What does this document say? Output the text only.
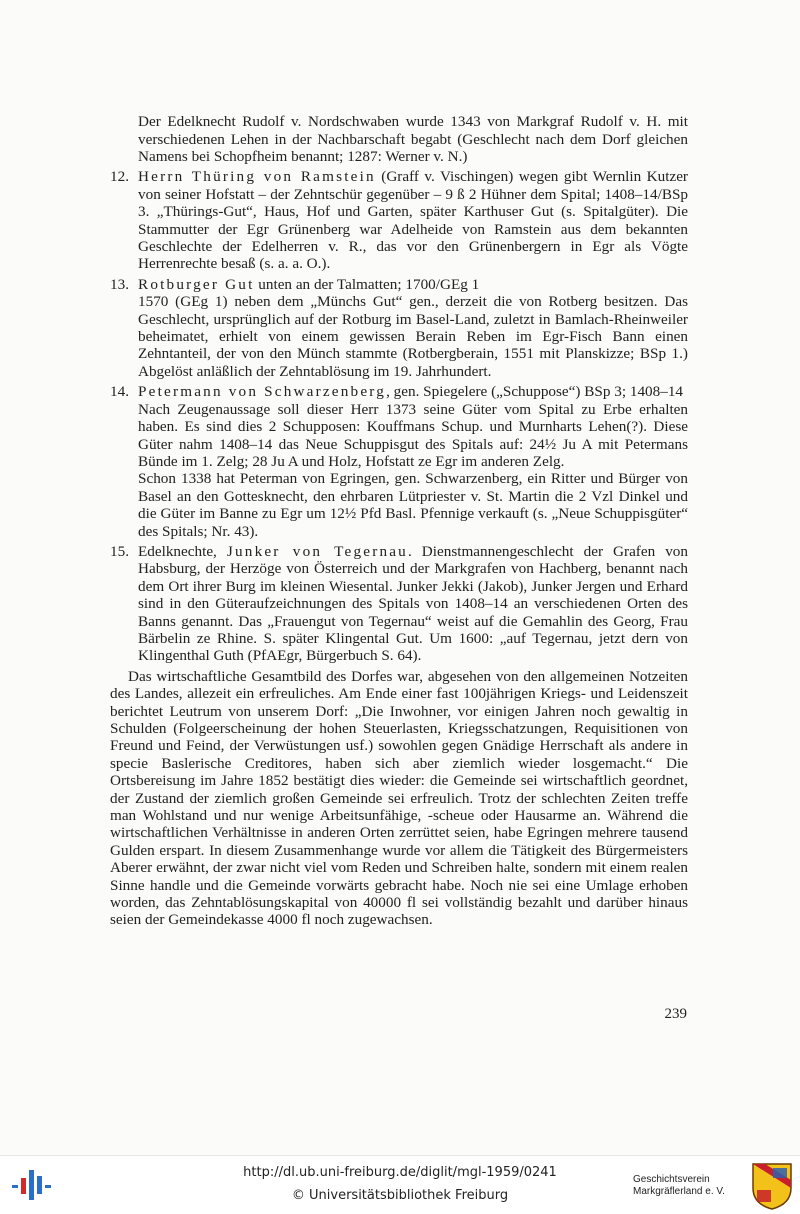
Der Edelknecht Rudolf v. Nordschwaben wurde 1343 von Markgraf Rudolf v. H. mit verschiedenen Lehen in der Nachbarschaft begabt (Geschlecht nach dem Dorf gleichen Namens bei Schopfheim benannt; 1287: Werner v. N.)

12. Herrn Thüring von Ramstein (Graff v. Vischingen) wegen gibt Wernlin Kutzer von seiner Hofstatt – der Zehntschür gegenüber – 9 ß 2 Hühner dem Spital; 1408–14/BSp 3. „Thürings-Gut“, Haus, Hof und Garten, später Karthuser Gut (s. Spitalgüter). Die Stammutter der Egr Grünenberg war Adelheide von Ramstein aus dem bekannten Geschlechte der Edelherren v. R., das vor den Grünenbergern in Egr als Vögte Herrenrechte besaß (s. a. a. O.).

13. Rotburger Gut unten an der Talmatten; 1700/GEg 1

1570 (GEg 1) neben dem „Münchs Gut“ gen., derzeit die von Rotberg besitzen. Das Geschlecht, ursprünglich auf der Rotburg im Basel-Land, zuletzt in Bamlach-Rheinweiler beheimatet, erhielt von einem gewissen Berain Reben im Egr-Fisch Bann einen Zehntanteil, der von den Münch stammte (Rotbergberain, 1551 mit Planskizze; BSp 1.) Abgelöst anläßlich der Zehntablösung im 19. Jahrhundert.

14. Petermann von Schwarzenberg, gen. Spiegelere („Schuppose“) BSp 3; 1408–14

Nach Zeugenaussage soll dieser Herr 1373 seine Güter vom Spital zu Erbe erhalten haben. Es sind dies 2 Schupposen: Kouffmans Schup. und Murnharts Lehen(?). Diese Güter nahm 1408–14 das Neue Schuppisgut des Spitals auf: 24½ Ju A mit Petermans Bünde im 1. Zelg; 28 Ju A und Holz, Hofstatt ze Egr im anderen Zelg.

Schon 1338 hat Peterman von Egringen, gen. Schwarzenberg, ein Ritter und Bürger von Basel an den Gottesknecht, den ehrbaren Lütpriester v. St. Martin die 2 Vzl Dinkel und die Güter im Banne zu Egr um 12½ Pfd Basl. Pfennige verkauft (s. „Neue Schuppisgüter“ des Spitals; Nr. 43).

15. Edelknechte, Junker von Tegernau. Dienstmannengeschlecht der Grafen von Habsburg, der Herzöge von Österreich und der Markgrafen von Hachberg, benannt nach dem Ort ihrer Burg im kleinen Wiesental. Junker Jekki (Jakob), Junker Jergen und Erhard sind in den Güteraufzeichnungen des Spitals von 1408–14 an verschiedenen Orten des Banns genannt. Das „Frauengut von Tegernau“ weist auf die Gemahlin des Georg, Frau Bärbelin ze Rhine. S. später Klingental Gut. Um 1600: „auf Tegernau, jetzt dern von Klingenthal Guth (PfAEgr, Bürgerbuch S. 64).

Das wirtschaftliche Gesamtbild des Dorfes war, abgesehen von den allgemeinen Notzeiten des Landes, allezeit ein erfreuliches. Am Ende einer fast 100jährigen Kriegs- und Leidenszeit berichtet Leutrum von unserem Dorf: „Die Inwohner, vor einigen Jahren noch gewaltig in Schulden (Folgeerscheinung der hohen Steuerlasten, Kriegsschatzungen, Requisitionen von Freund und Feind, der Verwüstungen usf.) sowohlen gegen Gnädige Herrschaft als andere in specie Baslerische Creditores, haben sich aber ziemlich wieder losgemacht.“ Die Ortsbereisung im Jahre 1852 bestätigt dies wieder: die Gemeinde sei wirtschaftlich geordnet, der Zustand der ziemlich großen Gemeinde sei erfreulich. Trotz der schlechten Zeiten treffe man Wohlstand und nur wenige Arbeitsunfähige, -scheue oder Hausarme an. Während die wirtschaftlichen Verhältnisse in anderen Orten zerrüttet seien, habe Egringen mehrere tausend Gulden erspart. In diesem Zusammenhange wurde vor allem die Tätigkeit des Bürgermeisters Aberer erwähnt, der zwar nicht viel vom Reden und Schreiben halte, sondern mit einem realen Sinne handle und die Gemeinde vorwärts gebracht habe. Noch nie sei eine Umlage erhoben worden, das Zehntablösungskapital von 40000 fl sei vollständig bezahlt und darüber hinaus seien der Gemeindekasse 4000 fl noch zugewachsen.

239
http://dl.ub.uni-freiburg.de/diglit/mgl-1959/0241
© Universitätsbibliothek Freiburg
Geschichtsverein
Markgräflerland e. V.
